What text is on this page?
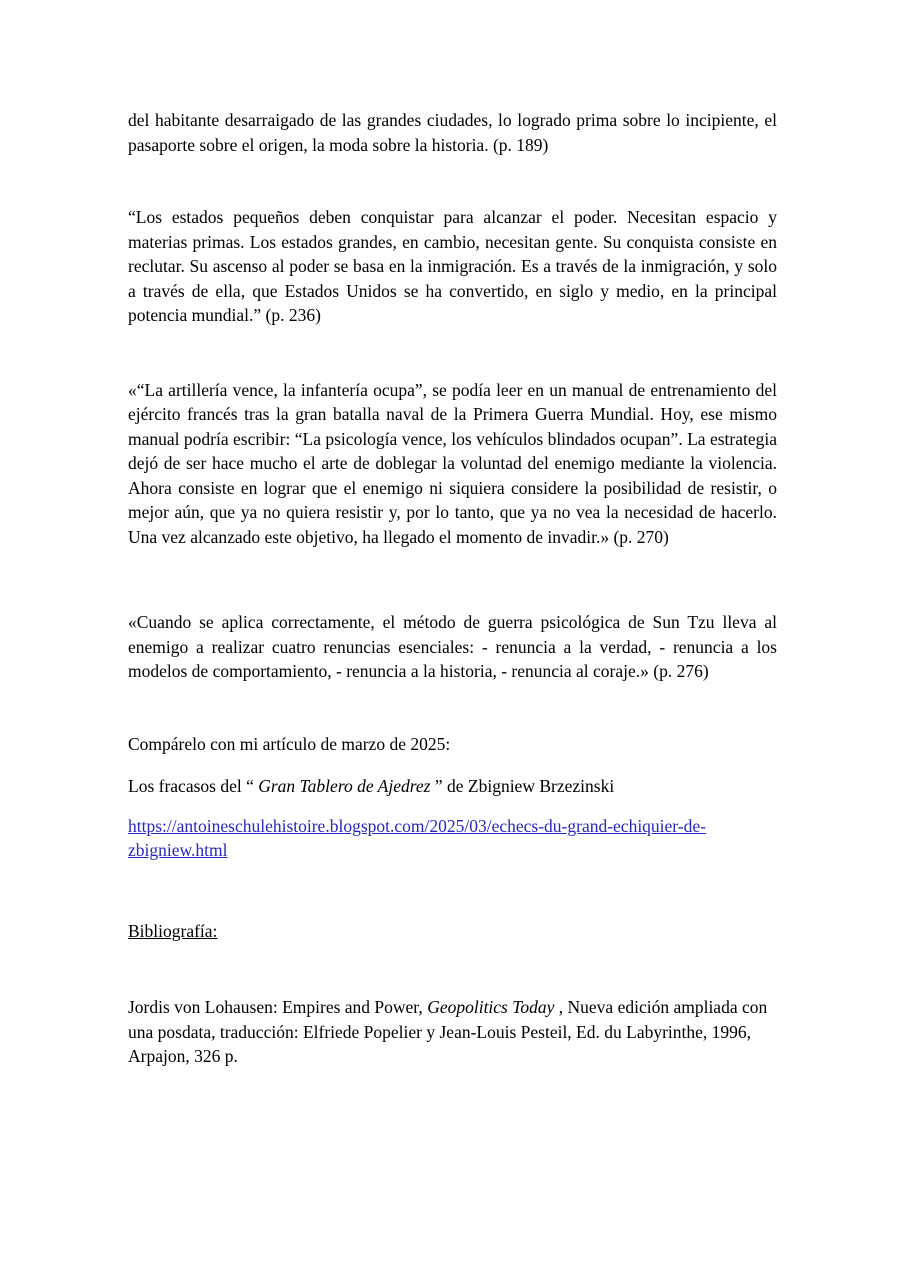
del habitante desarraigado de las grandes ciudades, lo logrado prima sobre lo incipiente, el pasaporte sobre el origen, la moda sobre la historia. (p. 189)

“Los estados pequeños deben conquistar para alcanzar el poder. Necesitan espacio y materias primas. Los estados grandes, en cambio, necesitan gente. Su conquista consiste en reclutar. Su ascenso al poder se basa en la inmigración. Es a través de la inmigración, y solo a través de ella, que Estados Unidos se ha convertido, en siglo y medio, en la principal potencia mundial.” (p. 236)

«“La artillería vence, la infantería ocupa”, se podía leer en un manual de entrenamiento del ejército francés tras la gran batalla naval de la Primera Guerra Mundial. Hoy, ese mismo manual podría escribir: “La psicología vence, los vehículos blindados ocupan”. La estrategia dejó de ser hace mucho el arte de doblegar la voluntad del enemigo mediante la violencia. Ahora consiste en lograr que el enemigo ni siquiera considere la posibilidad de resistir, o mejor aún, que ya no quiera resistir y, por lo tanto, que ya no vea la necesidad de hacerlo. Una vez alcanzado este objetivo, ha llegado el momento de invadir.» (p. 270)

«Cuando se aplica correctamente, el método de guerra psicológica de Sun Tzu lleva al enemigo a realizar cuatro renuncias esenciales: - renuncia a la verdad, - renuncia a los modelos de comportamiento, - renuncia a la historia, - renuncia al coraje.» (p. 276)

Compárelo con mi artículo de marzo de 2025:

Los fracasos del “ Gran Tablero de Ajedrez ” de Zbigniew Brzezinski

https://antoineschulehistoire.blogspot.com/2025/03/echecs-du-grand-echiquier-de-zbigniew.html

Bibliografía:

Jordis von Lohausen: Empires and Power, Geopolitics Today , Nueva edición ampliada con una posdata, traducción: Elfriede Popelier y Jean-Louis Pesteil, Ed. du Labyrinthe, 1996, Arpajon, 326 p.
